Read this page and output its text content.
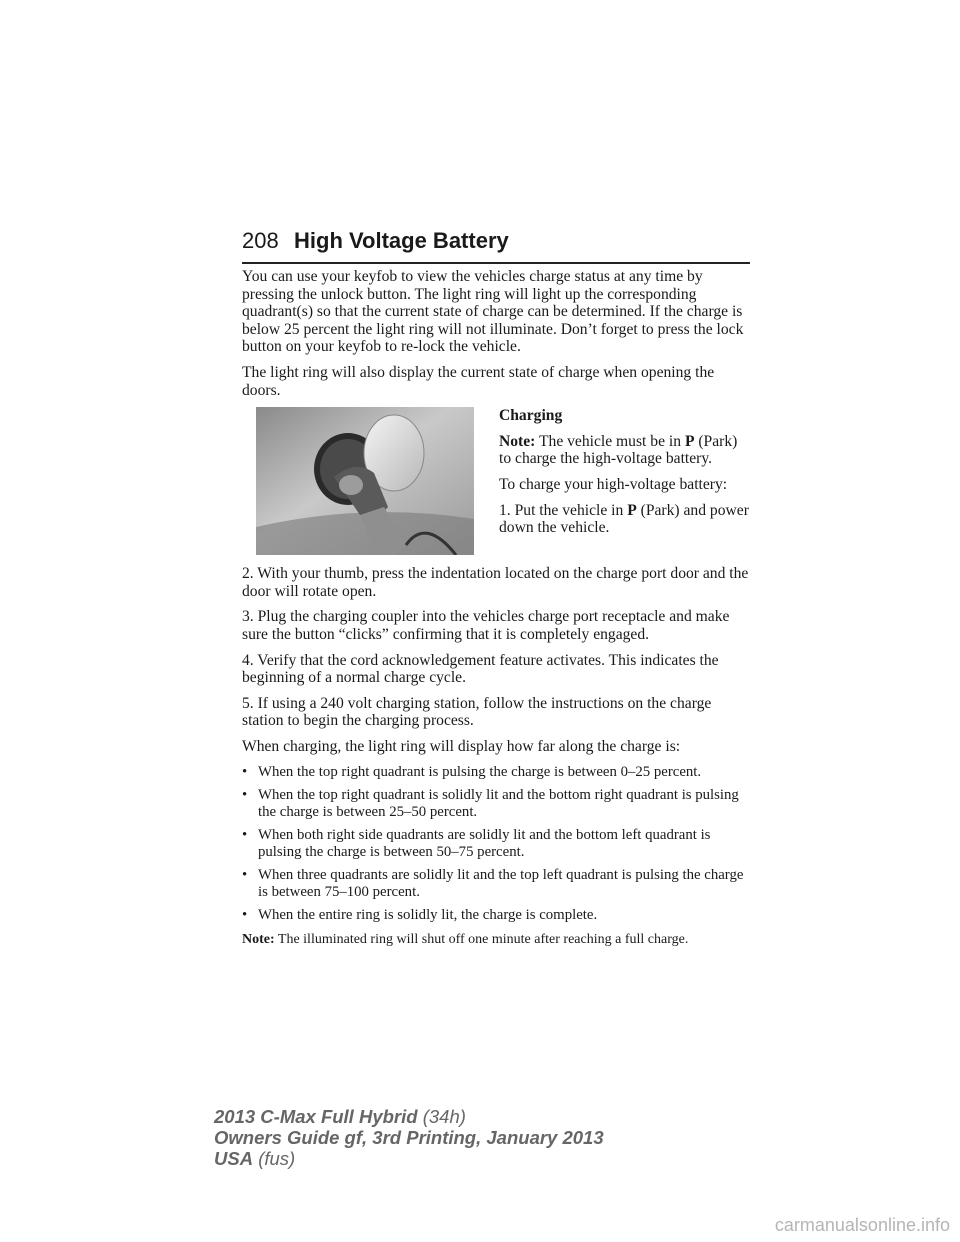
208 High Voltage Battery

You can use your keyfob to view the vehicles charge status at any time by pressing the unlock button. The light ring will light up the corresponding quadrant(s) so that the current state of charge can be determined. If the charge is below 25 percent the light ring will not illuminate. Don’t forget to press the lock button on your keyfob to re-lock the vehicle.

The light ring will also display the current state of charge when opening the doors.

Charging

Note: The vehicle must be in P (Park) to charge the high-voltage battery.

To charge your high-voltage battery:

1. Put the vehicle in P (Park) and power down the vehicle.

2. With your thumb, press the indentation located on the charge port door and the door will rotate open.

3. Plug the charging coupler into the vehicles charge port receptacle and make sure the button “clicks” confirming that it is completely engaged.

4. Verify that the cord acknowledgement feature activates. This indicates the beginning of a normal charge cycle.

5. If using a 240 volt charging station, follow the instructions on the charge station to begin the charging process.

When charging, the light ring will display how far along the charge is:

• When the top right quadrant is pulsing the charge is between 0–25 percent.
• When the top right quadrant is solidly lit and the bottom right quadrant is pulsing the charge is between 25–50 percent.
• When both right side quadrants are solidly lit and the bottom left quadrant is pulsing the charge is between 50–75 percent.
• When three quadrants are solidly lit and the top left quadrant is pulsing the charge is between 75–100 percent.
• When the entire ring is solidly lit, the charge is complete.

Note: The illuminated ring will shut off one minute after reaching a full charge.

2013 C-Max Full Hybrid (34h)
Owners Guide gf, 3rd Printing, January 2013
USA (fus)
carmanualsonline.info
